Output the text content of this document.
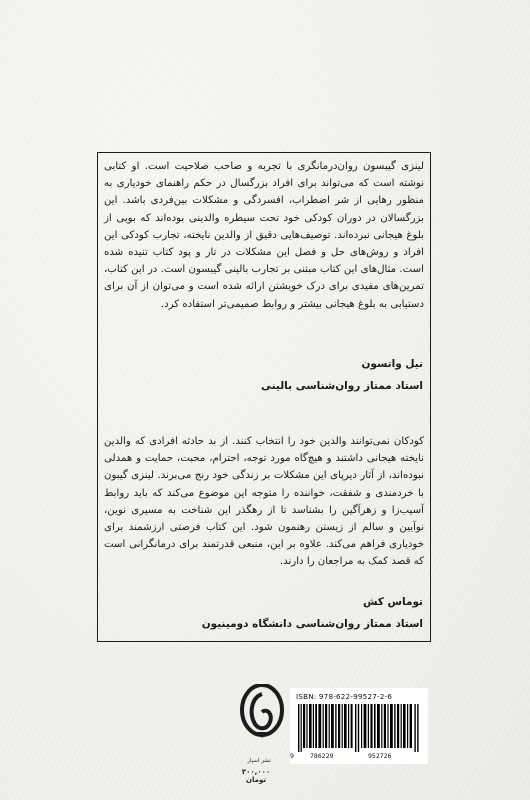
لینزی گیبسون روان‌درمانگری با تجربه و صاحب صلاحیت است. او کتابی نوشته است که می‌تواند برای افراد بزرگسال در حکم راهنمای خودیاری به منظور رهایی از شر اضطراب، افسردگی و مشکلات بین‌فردی باشد. این بزرگسالان در دوران کودکی خود تحت سیطره والدینی بوده‌اند که بویی از بلوغ هیجانی نبرده‌اند. توصیف‌هایی دقیق از والدین نایخته، تجارب کودکی این افراد و روش‌های حل و فصل این مشکلات در تار و پود کتاب تنیده شده است. مثال‌های این کتاب مبتنی بر تجارب بالینی گیبسون است. در این کتاب، تمرین‌های مفیدی برای درک خویشتن ارائه شده است و می‌توان از آن برای دستیابی به بلوغ هیجانی بیشتر و روابط صمیمی‌تر استفاده کرد.

نیل واتسون
استاد ممتاز روان‌شناسی بالینی

کودکان نمی‌توانند والدین خود را انتخاب کنند. از بد حادثه افرادی که والدین نایخته هیجانی داشتند و هیچ‌گاه مورد توجه، احترام، محبت، حمایت و همدلی نبوده‌اند، از آثار دیرپای این مشکلات بر زندگی خود رنج می‌برند. لینزی گیبون با خردمندی و شفقت، خواننده را متوجه این موضوع می‌کند که باید روابط آسیب‌زا و زهرآگین را بشناسد تا از رهگذر این شناخت به مسیری نوین، نوآیین و سالم از زیستن رهنمون شود. این کتاب فرصتی ارزشمند برای خودیاری فراهم می‌کند. علاوه بر این، منبعی قدرتمند برای درمانگرانی است که قصد کمک به مراجعان را دارند.

توماس کش
استاد ممتاز روان‌شناسی دانشگاه دومینیون
نشر اسپار
۳۰۰,۰۰۰ تومان
ISBN: 978-622-99527-2-6
9 786229	952726
